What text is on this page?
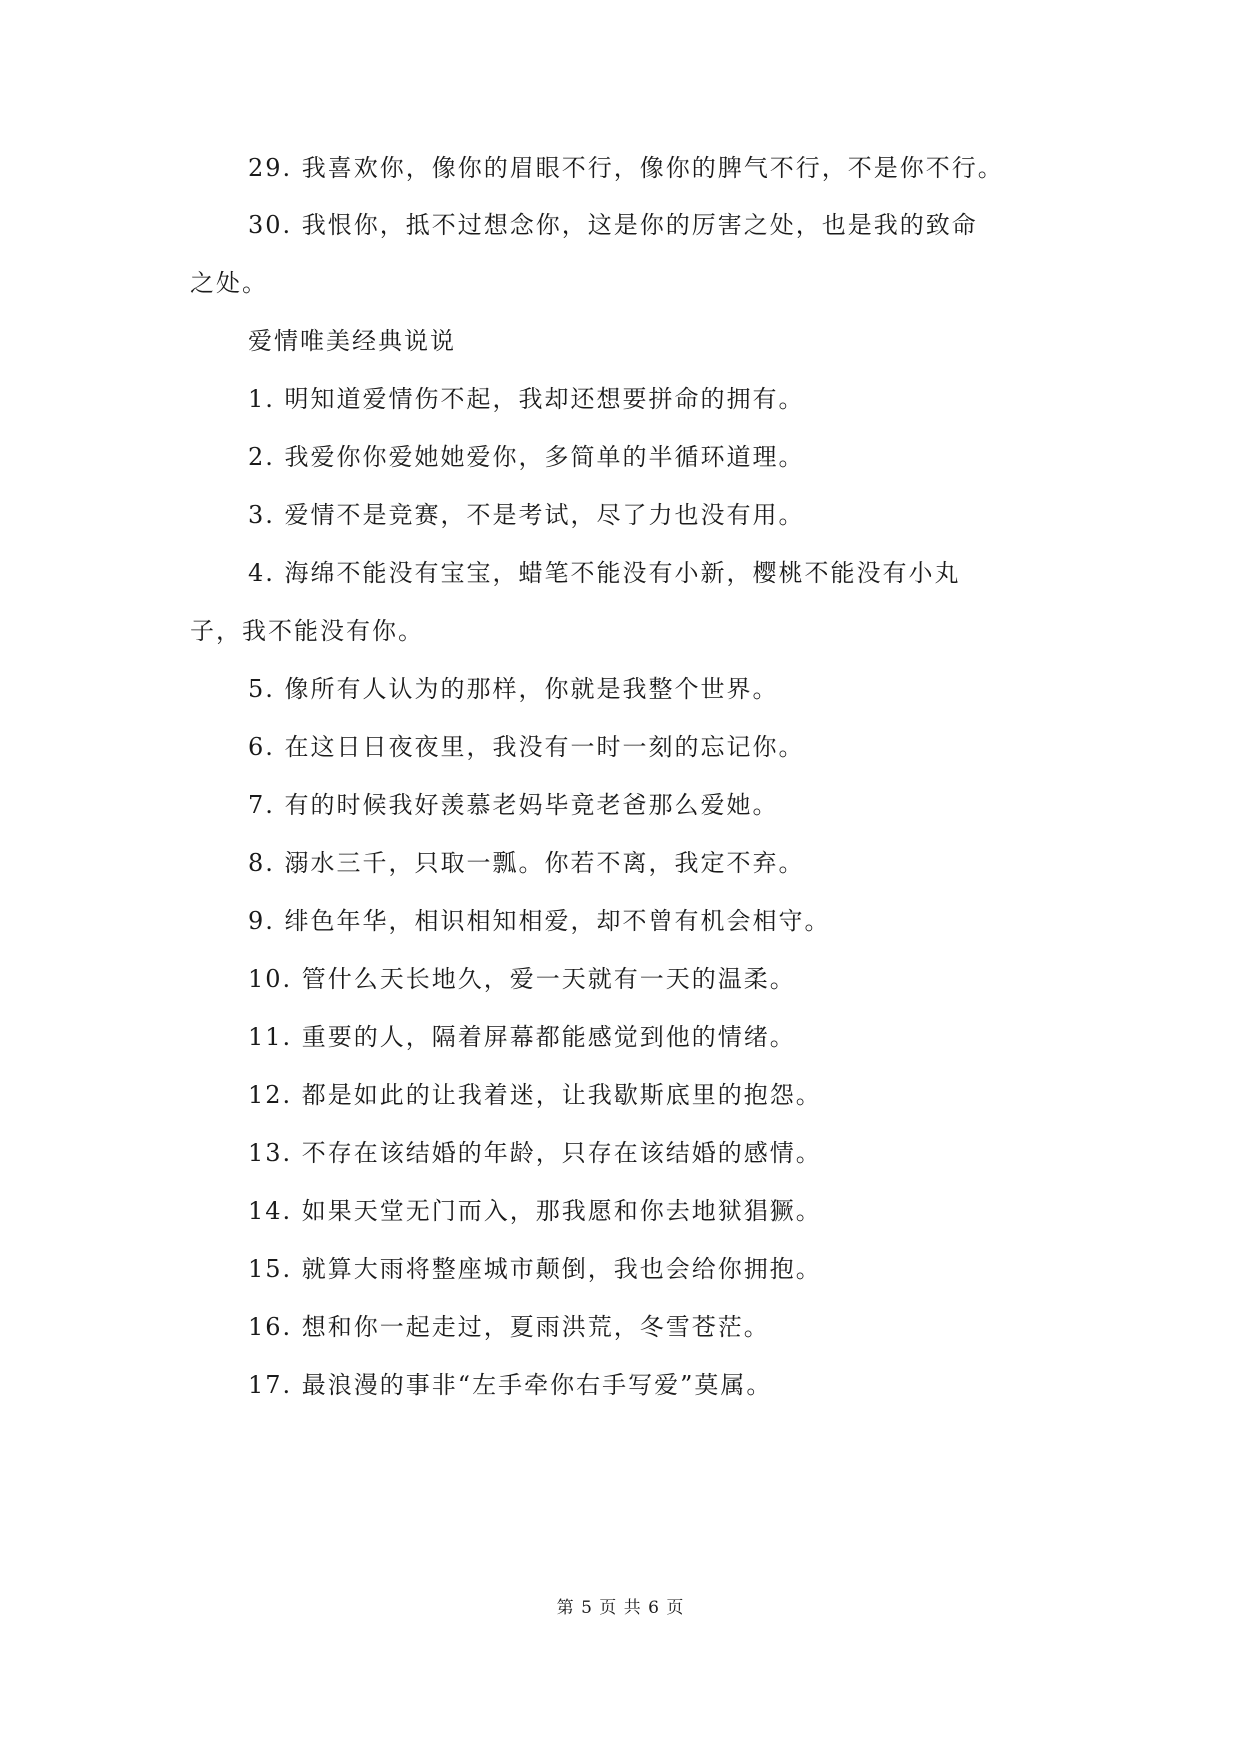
29. 我喜欢你，像你的眉眼不行，像你的脾气不行，不是你不行。
30. 我恨你，抵不过想念你，这是你的厉害之处，也是我的致命
之处。
爱情唯美经典说说
1. 明知道爱情伤不起，我却还想要拼命的拥有。
2. 我爱你你爱她她爱你，多简单的半循环道理。
3. 爱情不是竞赛，不是考试，尽了力也没有用。
4. 海绵不能没有宝宝，蜡笔不能没有小新，樱桃不能没有小丸
子，我不能没有你。
5. 像所有人认为的那样，你就是我整个世界。
6. 在这日日夜夜里，我没有一时一刻的忘记你。
7. 有的时候我好羡慕老妈毕竟老爸那么爱她。
8. 溺水三千，只取一瓢。你若不离，我定不弃。
9. 绯色年华，相识相知相爱，却不曾有机会相守。
10. 管什么天长地久，爱一天就有一天的温柔。
11. 重要的人，隔着屏幕都能感觉到他的情绪。
12. 都是如此的让我着迷，让我歇斯底里的抱怨。
13. 不存在该结婚的年龄，只存在该结婚的感情。
14. 如果天堂无门而入，那我愿和你去地狱猖獗。
15. 就算大雨将整座城市颠倒，我也会给你拥抱。
16. 想和你一起走过，夏雨洪荒，冬雪苍茫。
17. 最浪漫的事非“左手牵你右手写爱”莫属。
第 5 页 共 6 页
